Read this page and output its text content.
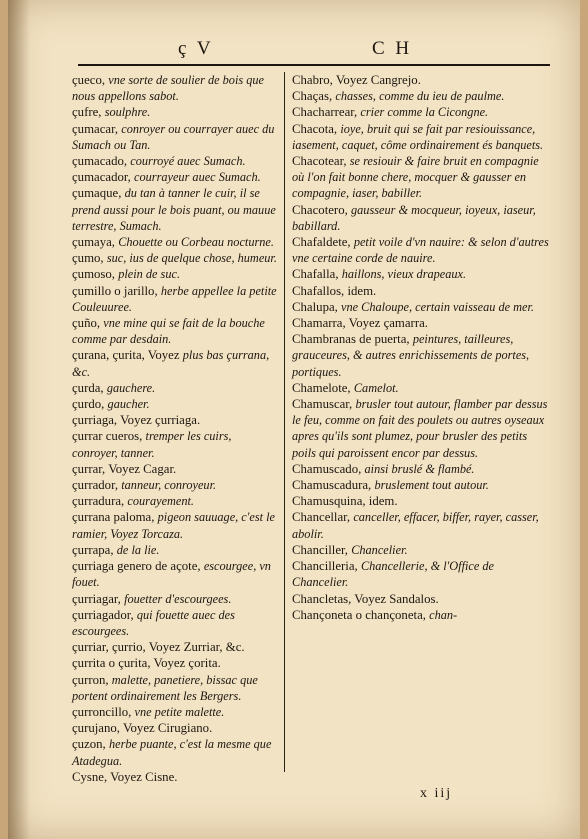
ç V	C H
çueco, vne sorte de soulier de bois que nous appellons sabot.
çufre, soulphre.
çumacar, conroyer ou courrayer auec du Sumach ou Tan.
çumacado, courroyé auec Sumach.
çumacador, courrayeur auec Sumach.
çumaque, du tan à tanner le cuir, il se prend aussi pour le bois puant, ou mauue terrestre, Sumach.
çumaya, Chouette ou Corbeau nocturne.
çumo, suc, ius de quelque chose, humeur.
çumoso, plein de suc.
çumillo o jarillo, herbe appellee la petite Couleuuree.
çuño, vne mine qui se fait de la bouche comme par desdain.
çurana, çurita, Voyez plus bas çurrana, &c.
çurda, gauchere.
çurdo, gaucher.
çurriaga, Voyez çurriaga.
çurrar cueros, tremper les cuirs, conroyer, tanner.
çurrar, Voyez Cagar.
çurrador, tanneur, conroyeur.
çurradura, courayement.
çurrana paloma, pigeon sauuage, c'est le ramier, Voyez Torcaza.
çurrapa, de la lie.
çurriaga genero de açote, escourgee, vn fouet.
çurriagar, fouetter d'escourgees.
çurriagador, qui fouette auec des escourgees.
çurriar, çurrio, Voyez Zurriar, &c.
çurrita o çurita, Voyez çorita.
çurron, malette, panetiere, bissac que portent ordinairement les Bergers.
çurroncillo, vne petite malette.
çurujano, Voyez Cirugiano.
çuzon, herbe puante, c'est la mesme que Atadegua.
Cysne, Voyez Cisne.
Chabro, Voyez Cangrejo.
Chaças, chasses, comme du ieu de paulme.
Chacharrear, crier comme la Cicongne.
Chacota, ioye, bruit qui se fait par resiouissance, iasement, caquet, côme ordinairement és banquets.
Chacotear, se resiouir & faire bruit en compagnie où l'on fait bonne chere, mocquer & gausser en compagnie, iaser, babiller.
Chacotero, gausseur & mocqueur, ioyeux, iaseur, babillard.
Chafaldete, petit voile d'vn nauire: & selon d'autres vne certaine corde de nauire.
Chafalla, haillons, vieux drapeaux.
Chafallos, idem.
Chalupa, vne Chaloupe, certain vaisseau de mer.
Chamarra, Voyez çamarra.
Chambranas de puerta, peintures, tailleures, grauceures, & autres enrichissements de portes, portiques.
Chamelote, Camelot.
Chamuscar, brusler tout autour, flamber par dessus le feu, comme on fait des poulets ou autres oyseaux apres qu'ils sont plumez, pour brusler des petits poils qui paroissent encor par dessus.
Chamuscado, ainsi bruslé & flambé.
Chamuscadura, bruslement tout autour.
Chamusquina, idem.
Chancellar, canceller, effacer, biffer, rayer, casser, abolir.
Chanciller, Chancelier.
Chancilleria, Chancellerie, & l'Office de Chancelier.
Chancletas, Voyez Sandalos.
Chançoneta o chançoneta, chan-
x iij
